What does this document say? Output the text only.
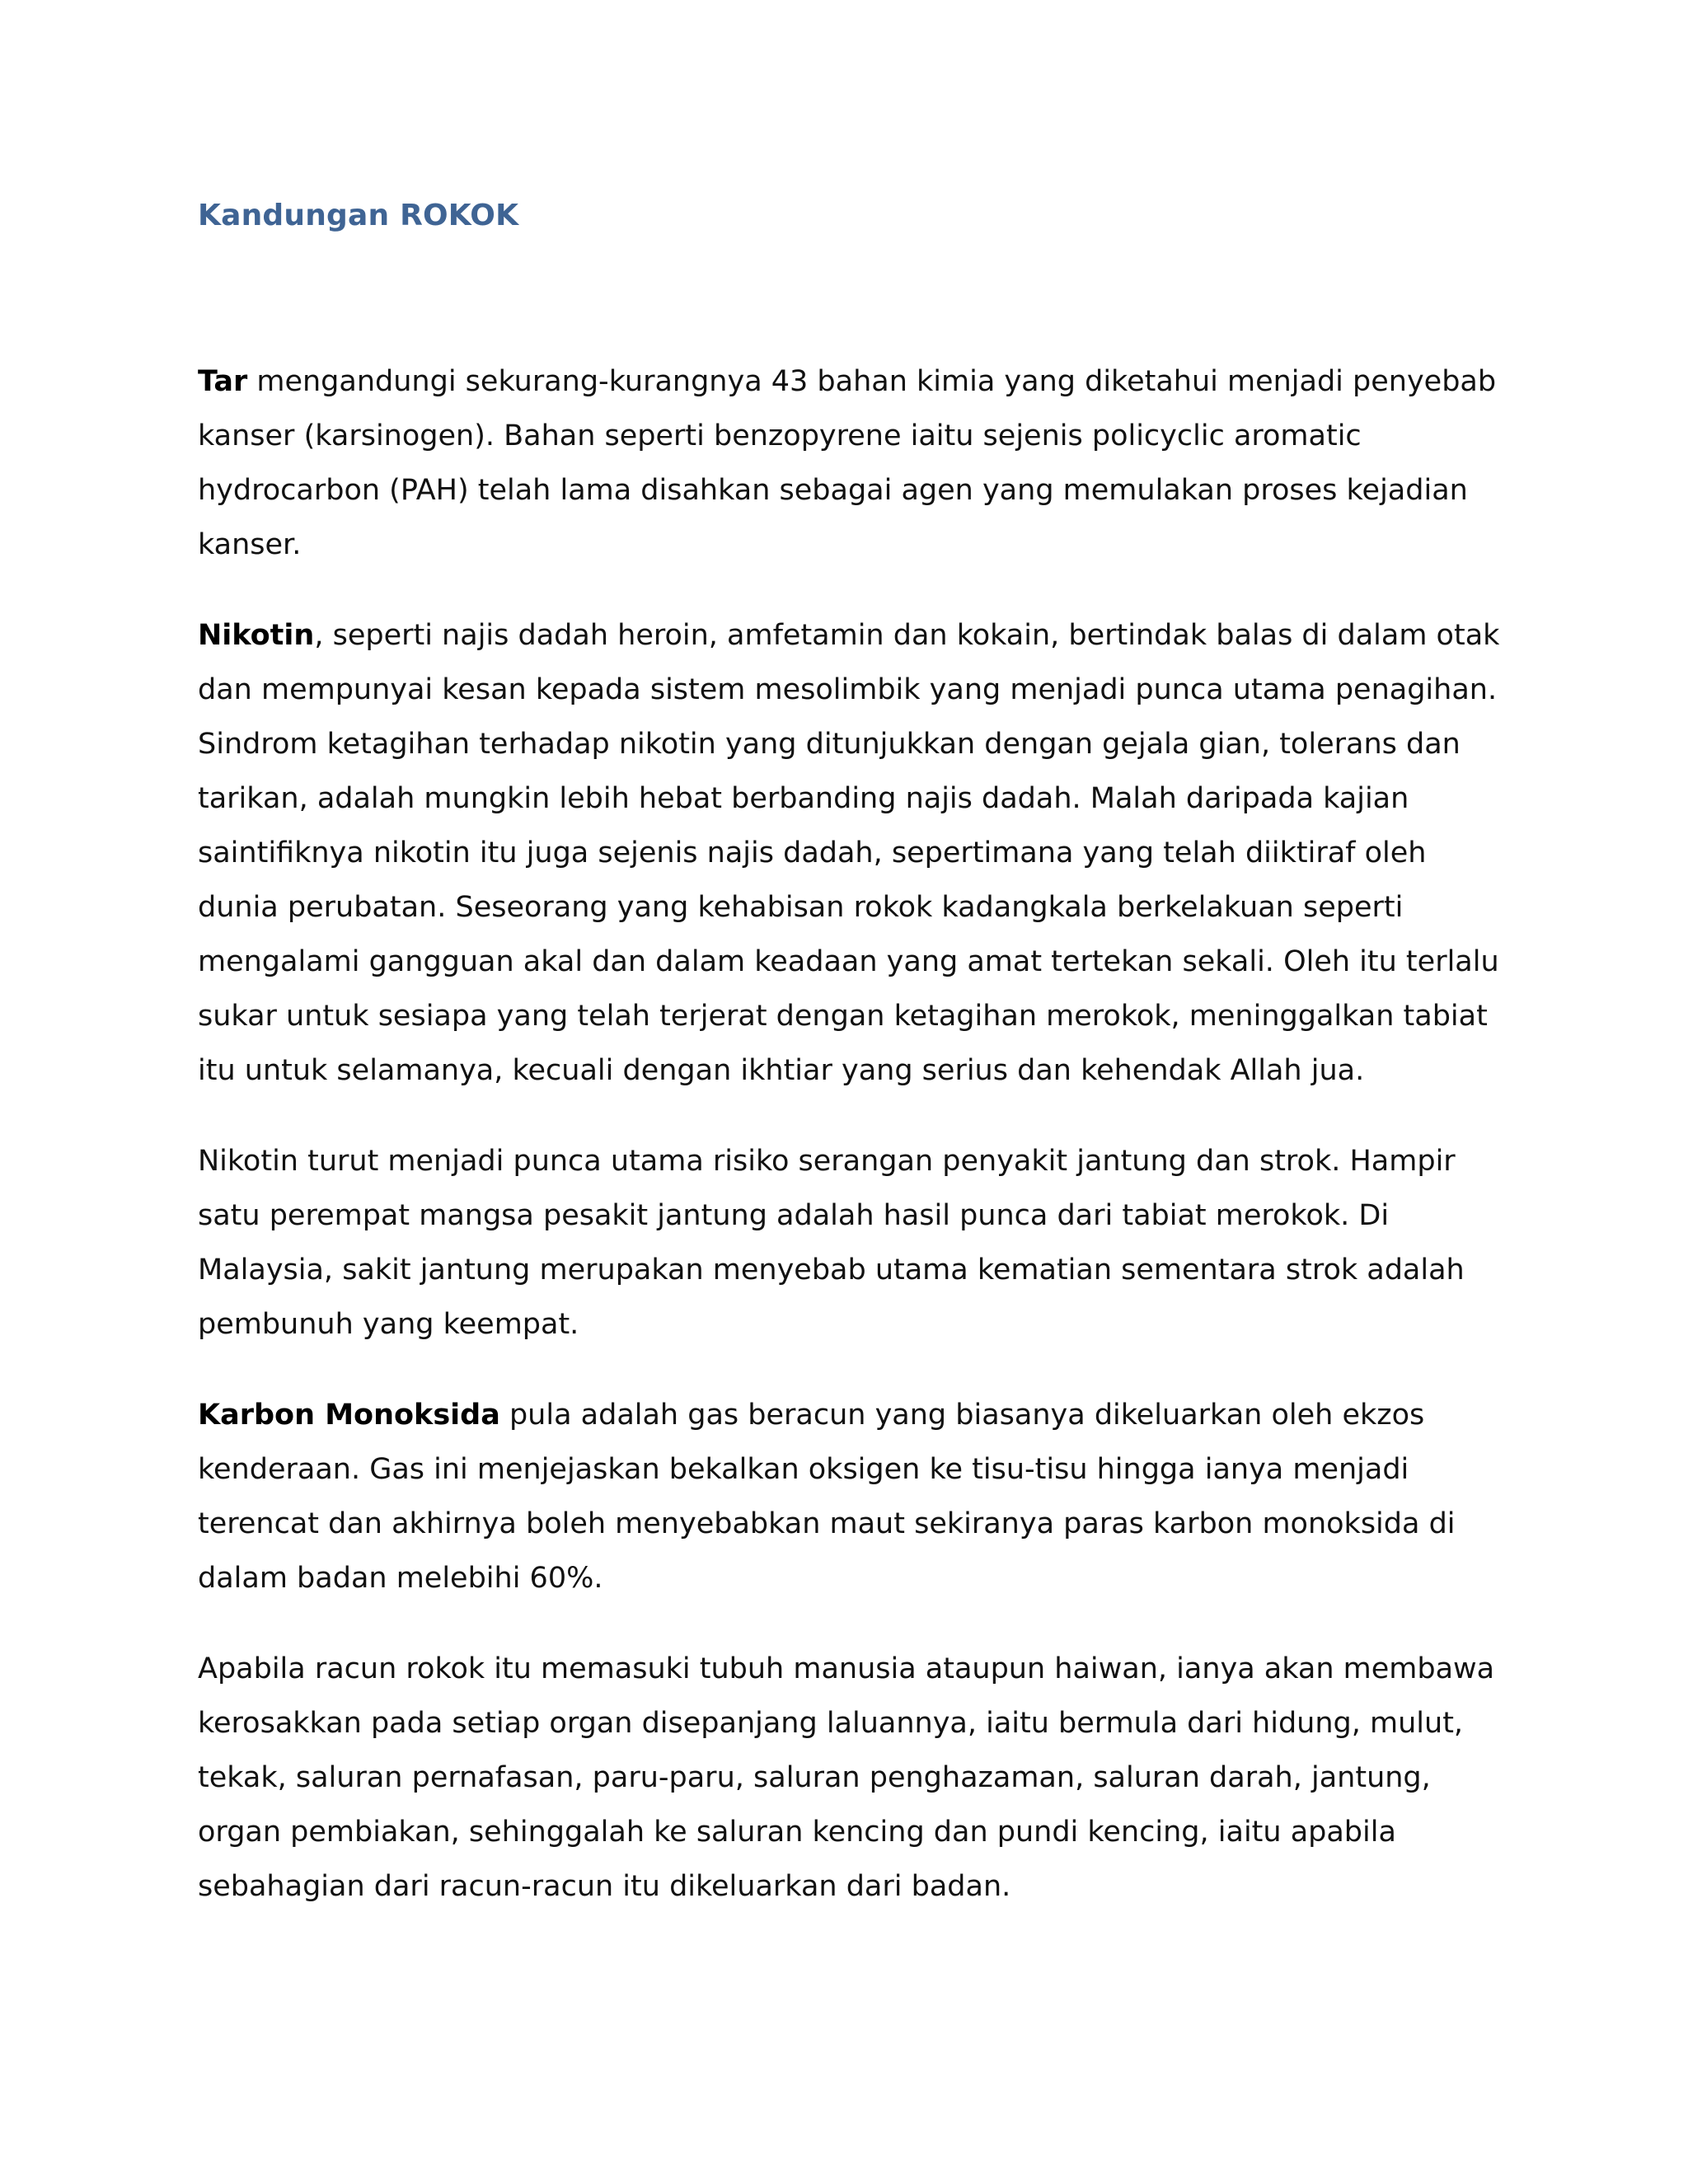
Kandungan ROKOK

Tar mengandungi sekurang-kurangnya 43 bahan kimia yang diketahui menjadi penyebab kanser (karsinogen). Bahan seperti benzopyrene iaitu sejenis policyclic aromatic hydrocarbon (PAH) telah lama disahkan sebagai agen yang memulakan proses kejadian kanser.

Nikotin, seperti najis dadah heroin, amfetamin dan kokain, bertindak balas di dalam otak dan mempunyai kesan kepada sistem mesolimbik yang menjadi punca utama penagihan. Sindrom ketagihan terhadap nikotin yang ditunjukkan dengan gejala gian, tolerans dan tarikan, adalah mungkin lebih hebat berbanding najis dadah. Malah daripada kajian saintifiknya nikotin itu juga sejenis najis dadah, sepertimana yang telah diiktiraf oleh dunia perubatan. Seseorang yang kehabisan rokok kadangkala berkelakuan seperti mengalami gangguan akal dan dalam keadaan yang amat tertekan sekali. Oleh itu terlalu sukar untuk sesiapa yang telah terjerat dengan ketagihan merokok, meninggalkan tabiat itu untuk selamanya, kecuali dengan ikhtiar yang serius dan kehendak Allah jua.

Nikotin turut menjadi punca utama risiko serangan penyakit jantung dan strok. Hampir satu perempat mangsa pesakit jantung adalah hasil punca dari tabiat merokok. Di Malaysia, sakit jantung merupakan menyebab utama kematian sementara strok adalah pembunuh yang keempat.

Karbon Monoksida pula adalah gas beracun yang biasanya dikeluarkan oleh ekzos kenderaan. Gas ini menjejaskan bekalkan oksigen ke tisu-tisu hingga ianya menjadi terencat dan akhirnya boleh menyebabkan maut sekiranya paras karbon monoksida di dalam badan melebihi 60%.

Apabila racun rokok itu memasuki tubuh manusia ataupun haiwan, ianya akan membawa kerosakkan pada setiap organ disepanjang laluannya, iaitu bermula dari hidung, mulut, tekak, saluran pernafasan, paru-paru, saluran penghazaman, saluran darah, jantung, organ pembiakan, sehinggalah ke saluran kencing dan pundi kencing, iaitu apabila sebahagian dari racun-racun itu dikeluarkan dari badan.
